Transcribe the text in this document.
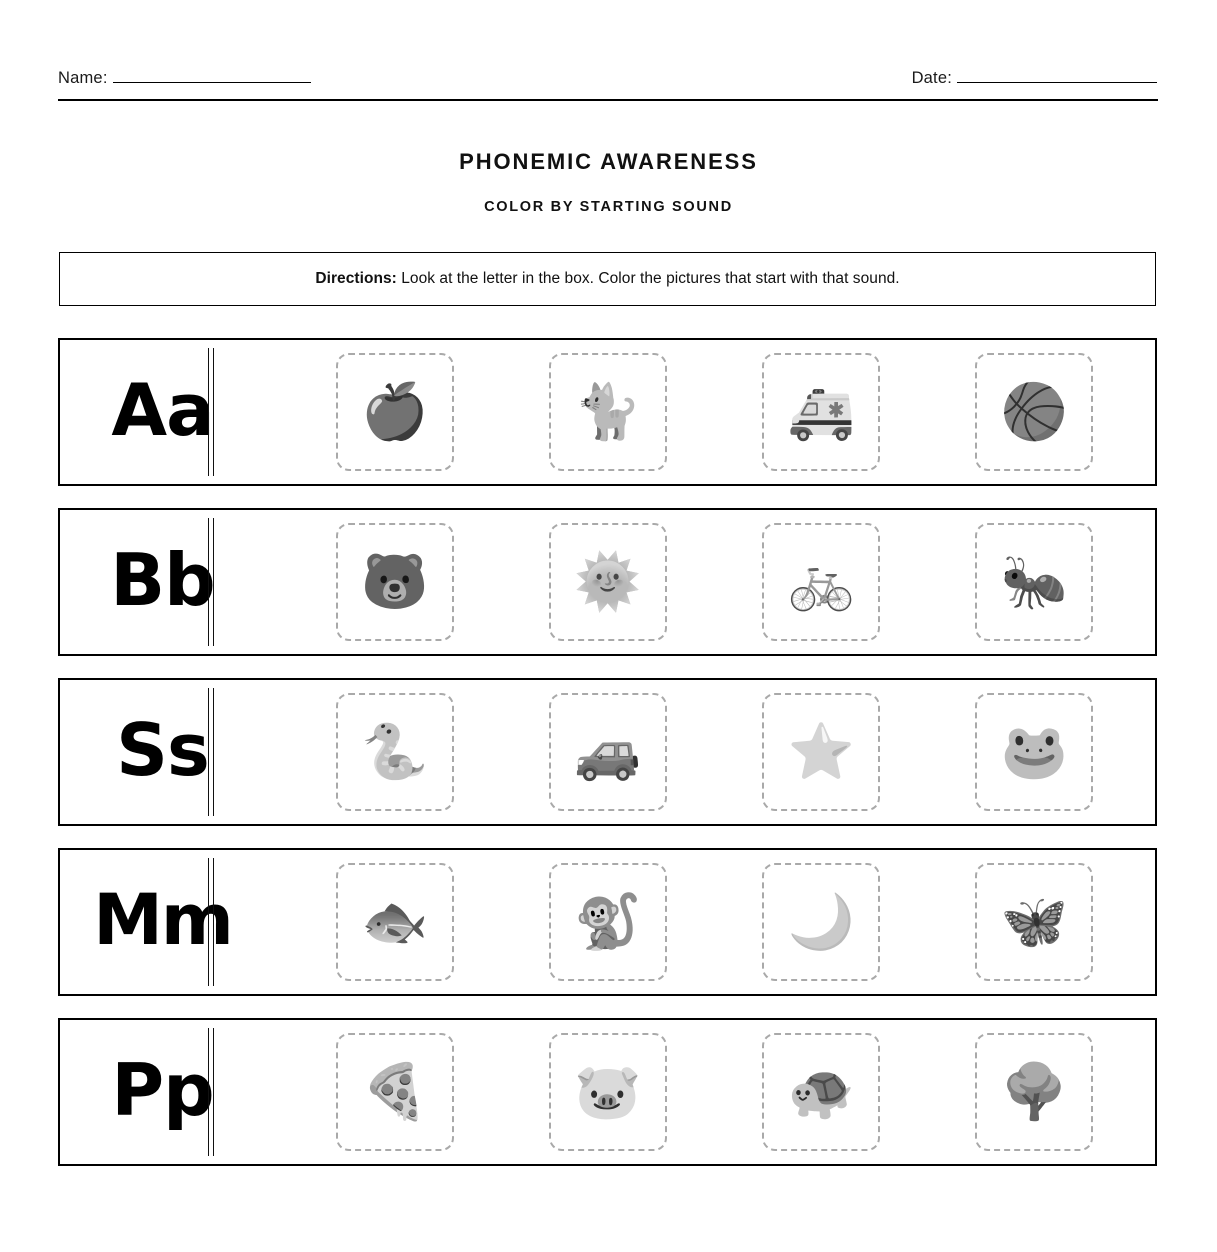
Name:	Date:
PHONEMIC AWARENESS
COLOR BY STARTING SOUND
Directions: Look at the letter in the box. Color the pictures that start with that sound.
Aa	🍎	🐈	🚑	🏀
Bb	🐻	🌞	🚲	🐜
Ss	🐍	🚙	⭐	🐸
Mm 🐟	🐒	🌙	🦋
Pp	🍕	🐷	🐢	🌳
